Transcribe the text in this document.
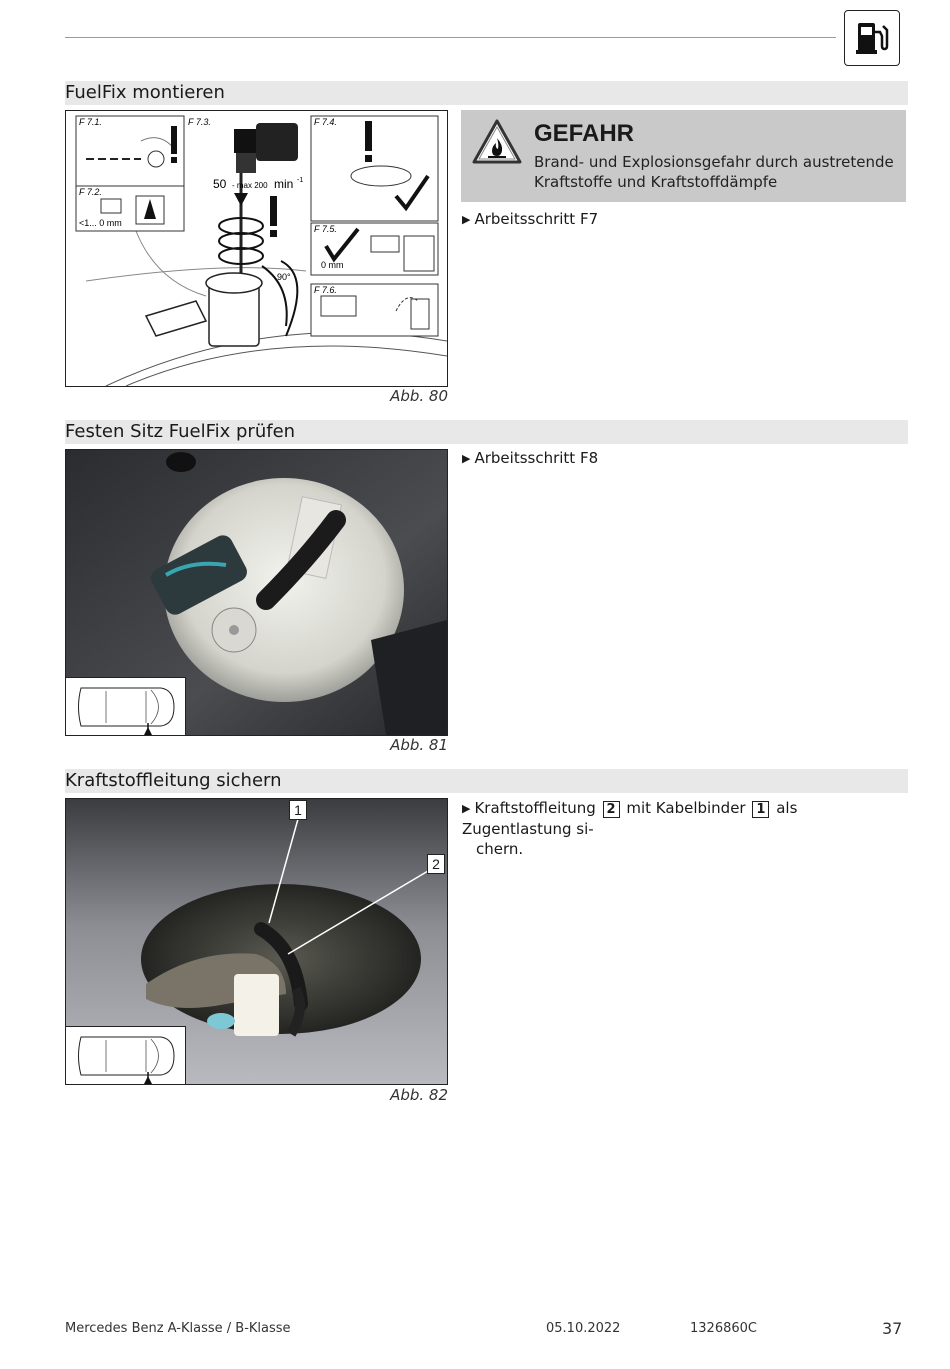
FuelFix montieren
F 7.1.
F 7.2.
F 7.3.	F 7.4.
F 7.5.
F 7.6.
<1... 0 mm
0 mm
90°
50 - max 200 min -1
Abb. 80
GEFAHR
Brand- und Explosionsgefahr durch austretende Kraftstoffe und Kraftstoffdämpfe
▶ Arbeitsschritt F7
Festen Sitz FuelFix prüfen
Abb. 81
▶ Arbeitsschritt F8
Kraftstoffleitung sichern
1
2
Abb. 82
▶ Kraftstoffleitung 2 mit Kabelbinder 1 als Zugentlastung si-
chern.
Mercedes Benz A-Klasse / B-Klasse	05.10.2022	1326860C	37
